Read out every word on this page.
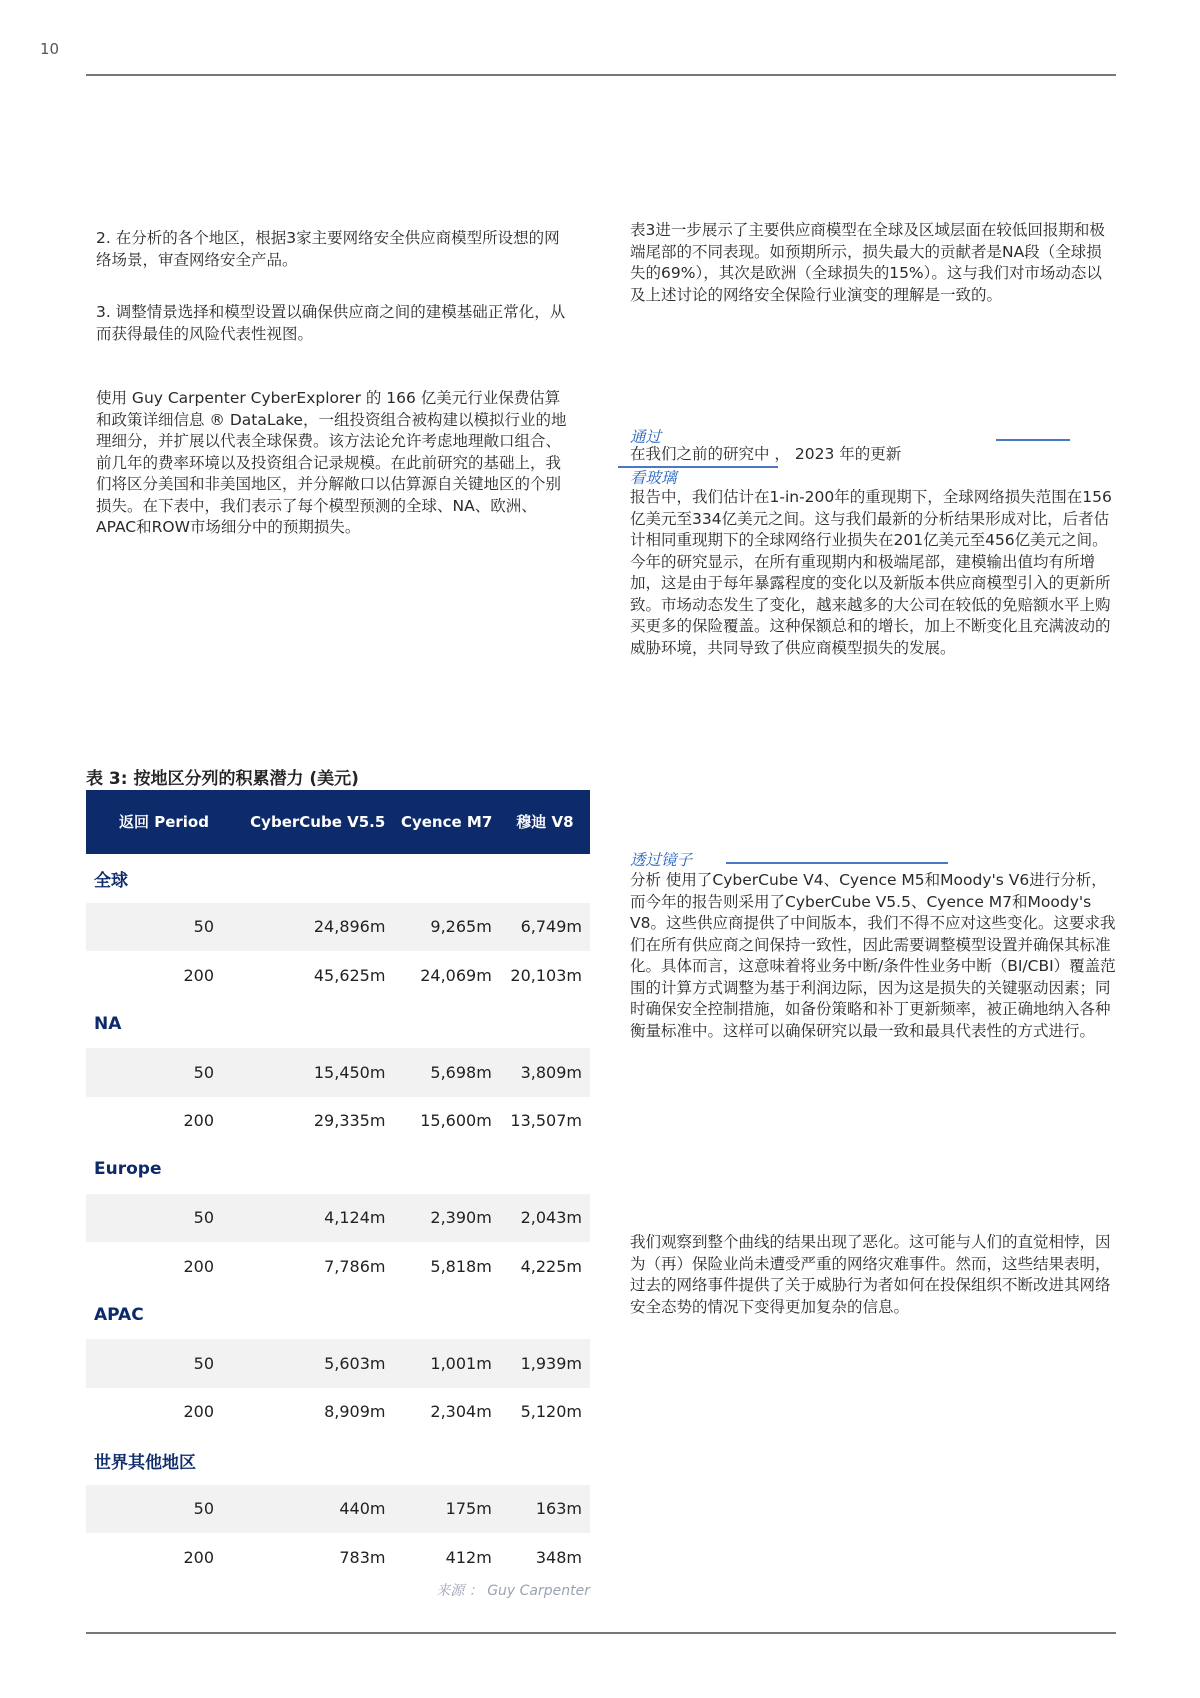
10

2. 在分析的各个地区，根据3家主要网络安全供应商模型所设想的网络场景，审查网络安全产品。

3. 调整情景选择和模型设置以确保供应商之间的建模基础正常化，从而获得最佳的风险代表性视图。

使用 Guy Carpenter CyberExplorer 的 166 亿美元行业保费估算和政策详细信息 ® DataLake，一组投资组合被构建以模拟行业的地理细分，并扩展以代表全球保费。该方法论允许考虑地理敞口组合、前几年的费率环境以及投资组合记录规模。在此前研究的基础上，我们将区分美国和非美国地区，并分解敞口以估算源自关键地区的个别损失。在下表中，我们表示了每个模型预测的全球、NA、欧洲、APAC和ROW市场细分中的预期损失。

表3进一步展示了主要供应商模型在全球及区域层面在较低回报期和极端尾部的不同表现。如预期所示，损失最大的贡献者是NA段（全球损失的69%），其次是欧洲（全球损失的15%）。这与我们对市场动态以及上述讨论的网络安全保险行业演变的理解是一致的。

通过
在我们之前的研究中 ， 2023 年的更新
看玻璃

报告中，我们估计在1-in-200年的重现期下，全球网络损失范围在156亿美元至334亿美元之间。这与我们最新的分析结果形成对比，后者估计相同重现期下的全球网络行业损失在201亿美元至456亿美元之间。今年的研究显示，在所有重现期内和极端尾部，建模输出值均有所增加，这是由于每年暴露程度的变化以及新版本供应商模型引入的更新所致。市场动态发生了变化，越来越多的大公司在较低的免赔额水平上购买更多的保险覆盖。这种保额总和的增长，加上不断变化且充满波动的威胁环境，共同导致了供应商模型损失的发展。

透过镜子

分析 使用了CyberCube V4、Cyence M5和Moody's V6进行分析，而今年的报告则采用了CyberCube V5.5、Cyence M7和Moody's V8。这些供应商提供了中间版本，我们不得不应对这些变化。这要求我们在所有供应商之间保持一致性，因此需要调整模型设置并确保其标准化。具体而言，这意味着将业务中断/条件性业务中断（BI/CBI）覆盖范围的计算方式调整为基于利润边际，因为这是损失的关键驱动因素；同时确保安全控制措施，如备份策略和补丁更新频率，被正确地纳入各种衡量标准中。这样可以确保研究以最一致和最具代表性的方式进行。

我们观察到整个曲线的结果出现了恶化。这可能与人们的直觉相悖，因为（再）保险业尚未遭受严重的网络灾难事件。然而，这些结果表明，过去的网络事件提供了关于威胁行为者如何在投保组织不断改进其网络安全态势的情况下变得更加复杂的信息。

表 3: 按地区分列的积累潜力 (美元)
返回 Period	CyberCube V5.5	Cyence M7	穆迪 V8
全球			
50	24,896m	9,265m	6,749m
200	45,625m	24,069m	20,103m
NA			
50	15,450m	5,698m	3,809m
200	29,335m	15,600m	13,507m
Europe			
50	4,124m	2,390m	2,043m
200	7,786m	5,818m	4,225m
APAC			
50	5,603m	1,001m	1,939m
200	8,909m	2,304m	5,120m
世界其他地区			
50	440m	175m	163m
200	783m	412m	348m
来源 ： Guy Carpenter
